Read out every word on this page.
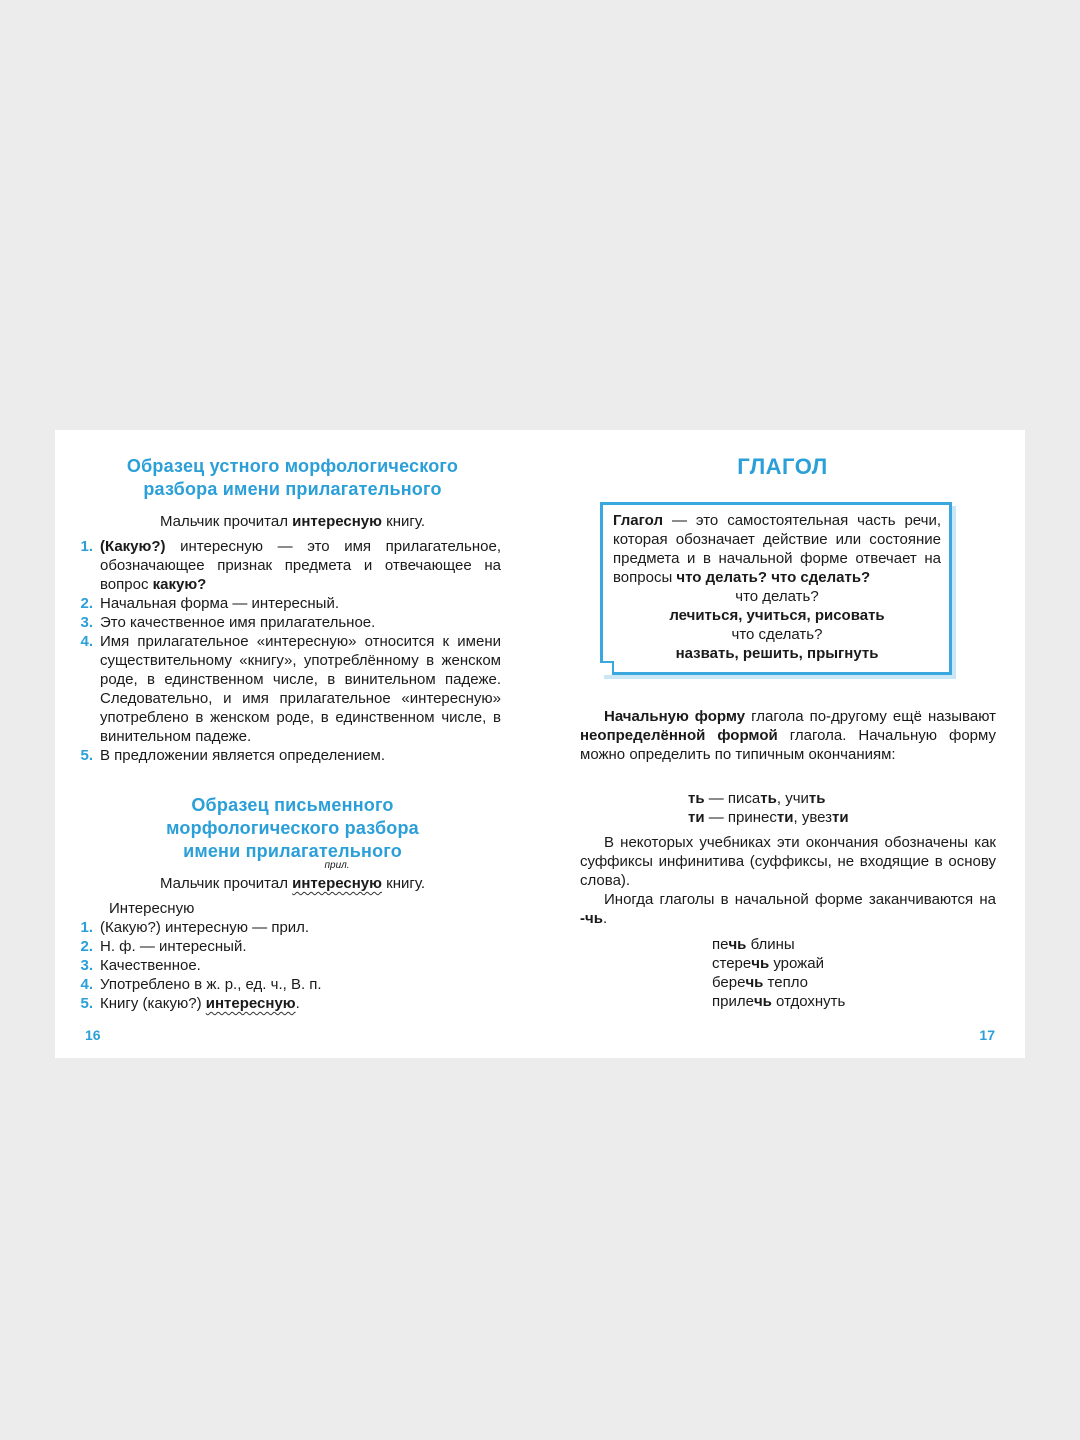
Образец устного морфологического
разбора имени прилагательного
Мальчик прочитал интересную книгу.
1. (Какую?) интересную — это имя прилагательное, обозначающее признак предмета и отвечающее на вопрос какую?
2. Начальная форма — интересный.
3. Это качественное имя прилагательное.
4. Имя прилагательное «интересную» относится к имени существительному «книгу», употреблённому в женском роде, в единственном числе, в винительном падеже. Следовательно, и имя прилагательное «интересную» употреблено в женском роде, в единственном числе, в винительном падеже.
5. В предложении является определением.
Образец письменного
морфологического разбора
имени прилагательного
Мальчик прочитал
прил.
интересную книгу.
Интересную
1. (Какую?) интересную — прил.
2. Н. ф. — интересный.
3. Качественное.
4. Употреблено в ж. р., ед. ч., В. п.
5. Книгу (какую?) интересную.
16
ГЛАГОЛ
Глагол — это самостоятельная часть речи, которая обозначает действие или состояние предмета и в начальной форме отвечает на вопросы что делать? что сделать?
что делать?
лечиться, учиться, рисовать
что сделать?
назвать, решить, прыгнуть
Начальную форму глагола по-другому ещё называют неопределённой формой глагола. Начальную форму можно определить по типичным окончаниям:
ть — писать, учить
ти — принести, увезти
В некоторых учебниках эти окончания обозначены как суффиксы инфинитива (суффиксы, не входящие в основу слова).
Иногда глаголы в начальной форме заканчиваются на -чь.
печь блины
стеречь урожай
беречь тепло
прилечь отдохнуть
17
